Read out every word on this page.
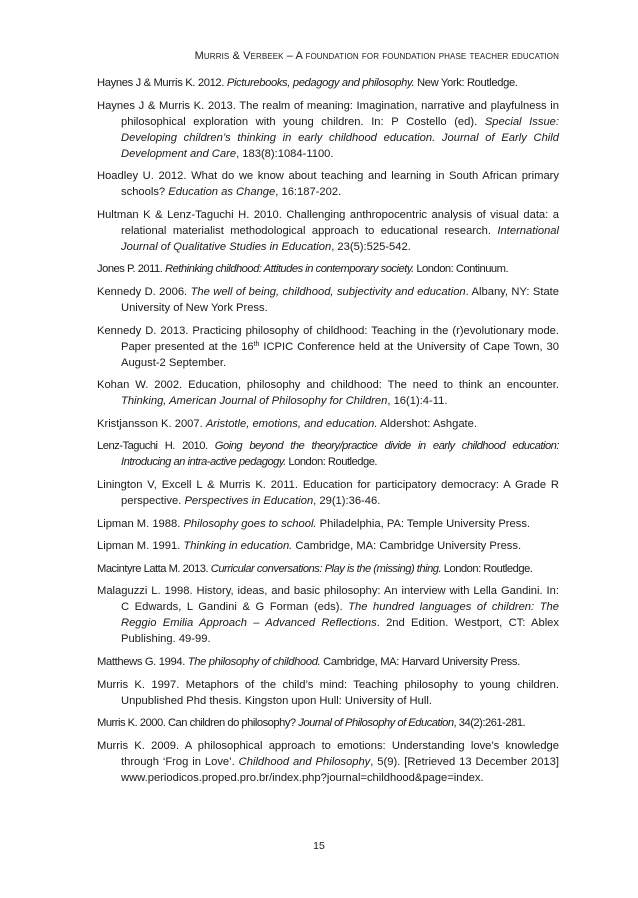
Murris & Verbeek – A foundation for foundation phase teacher education

Haynes J & Murris K. 2012. Picturebooks, pedagogy and philosophy. New York: Routledge.

Haynes J & Murris K. 2013. The realm of meaning: Imagination, narrative and playfulness in philosophical exploration with young children. In: P Costello (ed). Special Issue: Developing children’s thinking in early childhood education. Journal of Early Child Development and Care, 183(8):1084-1100.

Hoadley U. 2012. What do we know about teaching and learning in South African primary schools? Education as Change, 16:187-202.

Hultman K & Lenz-Taguchi H. 2010. Challenging anthropocentric analysis of visual data: a relational materialist methodological approach to educational research. International Journal of Qualitative Studies in Education, 23(5):525-542.

Jones P. 2011. Rethinking childhood: Attitudes in contemporary society. London: Continuum.

Kennedy D. 2006. The well of being, childhood, subjectivity and education. Albany, NY: State University of New York Press.

Kennedy D. 2013. Practicing philosophy of childhood: Teaching in the (r)evolutionary mode. Paper presented at the 16th ICPIC Conference held at the University of Cape Town, 30 August-2 September.

Kohan W. 2002. Education, philosophy and childhood: The need to think an encounter. Thinking, American Journal of Philosophy for Children, 16(1):4-11.

Kristjansson K. 2007. Aristotle, emotions, and education. Aldershot: Ashgate.

Lenz-Taguchi H. 2010. Going beyond the theory/practice divide in early childhood education: Introducing an intra-active pedagogy. London: Routledge.

Linington V, Excell L & Murris K. 2011. Education for participatory democracy: A Grade R perspective. Perspectives in Education, 29(1):36-46.

Lipman M. 1988. Philosophy goes to school. Philadelphia, PA: Temple University Press.

Lipman M. 1991. Thinking in education. Cambridge, MA: Cambridge University Press.

Macintyre Latta M. 2013. Curricular conversations: Play is the (missing) thing. London: Routledge.

Malaguzzi L. 1998. History, ideas, and basic philosophy: An interview with Lella Gandini. In: C Edwards, L Gandini & G Forman (eds). The hundred languages of children: The Reggio Emilia Approach – Advanced Reflections. 2nd Edition. Westport, CT: Ablex Publishing. 49-99.

Matthews G. 1994. The philosophy of childhood. Cambridge, MA: Harvard University Press.

Murris K. 1997. Metaphors of the child’s mind: Teaching philosophy to young children. Unpublished Phd thesis. Kingston upon Hull: University of Hull.

Murris K. 2000. Can children do philosophy? Journal of Philosophy of Education, 34(2):261-281.

Murris K. 2009. A philosophical approach to emotions: Understanding love’s knowledge through ‘Frog in Love’. Childhood and Philosophy, 5(9). [Retrieved 13 December 2013] www.periodicos.proped.pro.br/index.php?journal=childhood&page=index.

15
